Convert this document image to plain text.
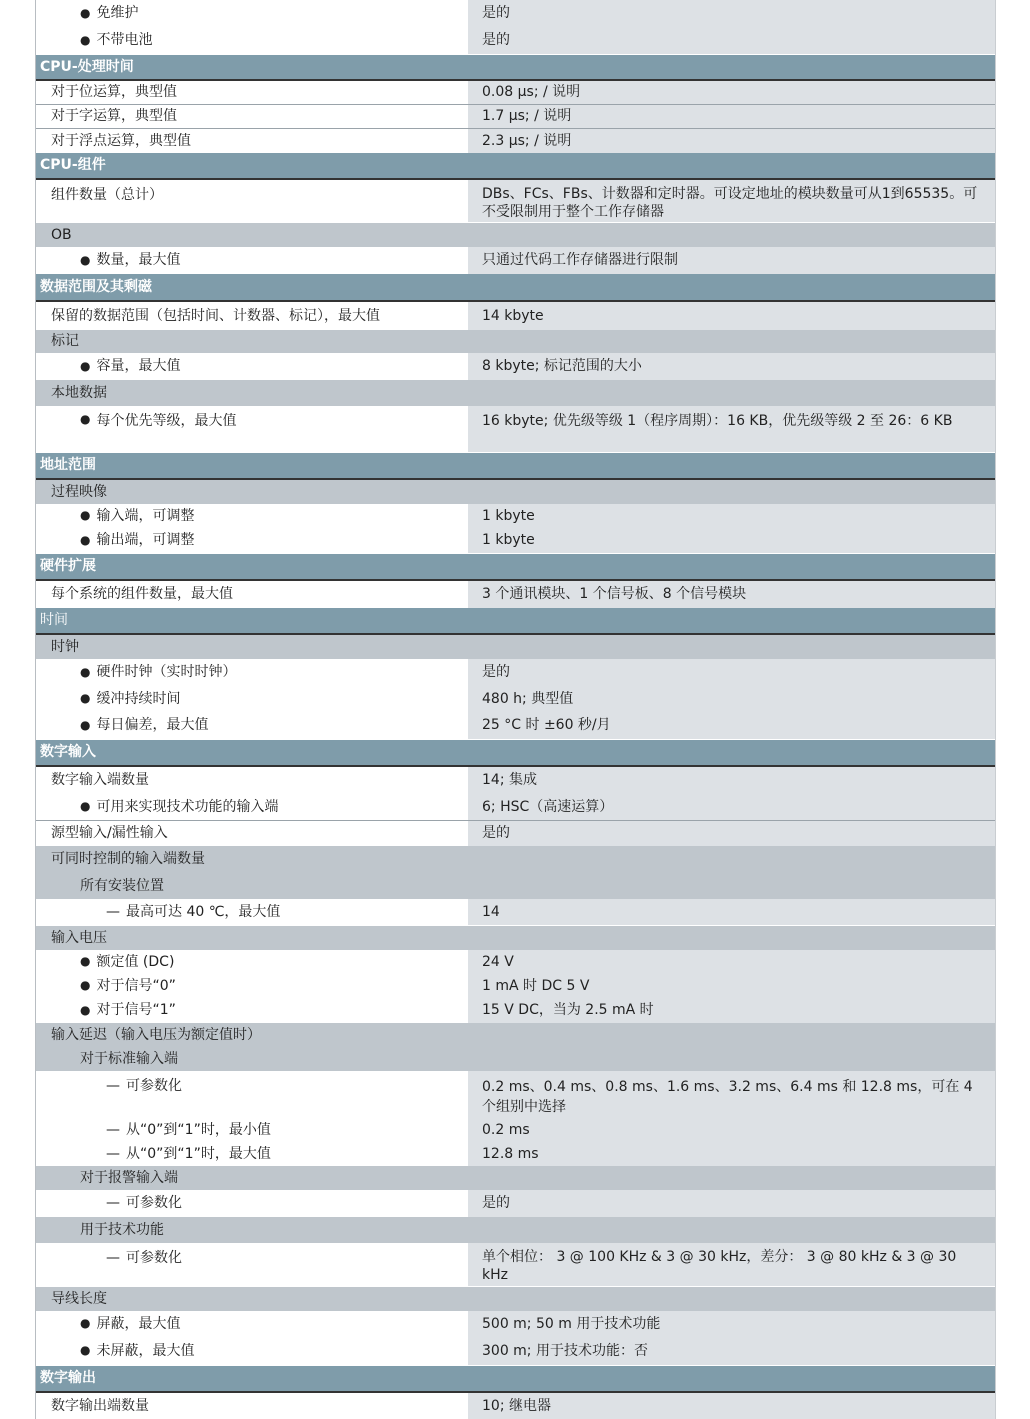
● 免维护	是的
● 不带电池	是的
CPU-处理时间
对于位运算，典型值	0.08 µs; / 说明
对于字运算，典型值	1.7 µs; / 说明
对于浮点运算，典型值	2.3 µs; / 说明
CPU-组件
组件数量（总计）	DBs、FCs、FBs、计数器和定时器。可设定地址的模块数量可从1到65535。可不受限制用于整个工作存储器
OB
● 数量，最大值	只通过代码工作存储器进行限制
数据范围及其剩磁
保留的数据范围（包括时间、计数器、标记），最大值	14 kbyte
标记
● 容量，最大值	8 kbyte; 标记范围的大小
本地数据
● 每个优先等级，最大值	16 kbyte; 优先级等级 1（程序周期）：16 KB，优先级等级 2 至 26：6 KB
地址范围
过程映像
● 输入端，可调整	1 kbyte
● 输出端，可调整	1 kbyte
硬件扩展
每个系统的组件数量，最大值	3 个通讯模块、1 个信号板、8 个信号模块
时间
时钟
● 硬件时钟（实时时钟）	是的
● 缓冲持续时间	480 h; 典型值
● 每日偏差，最大值	25 °C 时 ±60 秒/月
数字输入
数字输入端数量	14; 集成
● 可用来实现技术功能的输入端	6; HSC（高速运算）
源型输入/漏性输入	是的
可同时控制的输入端数量
所有安装位置
— 最高可达 40 ℃，最大值	14
输入电压
● 额定值 (DC)	24 V
● 对于信号“0”	1 mA 时 DC 5 V
● 对于信号“1”	15 V DC，当为 2.5 mA 时
输入延迟（输入电压为额定值时）
对于标准输入端
— 可参数化	0.2 ms、0.4 ms、0.8 ms、1.6 ms、3.2 ms、6.4 ms 和 12.8 ms，可在 4 个组别中选择
— 从“0”到“1”时，最小值	0.2 ms
— 从“0”到“1”时，最大值	12.8 ms
对于报警输入端
— 可参数化	是的
用于技术功能
— 可参数化	单个相位： 3 @ 100 KHz & 3 @ 30 kHz，差分： 3 @ 80 kHz & 3 @ 30 kHz
导线长度
● 屏蔽，最大值	500 m; 50 m 用于技术功能
● 未屏蔽，最大值	300 m; 用于技术功能：否
数字输出
数字输出端数量	10; 继电器
